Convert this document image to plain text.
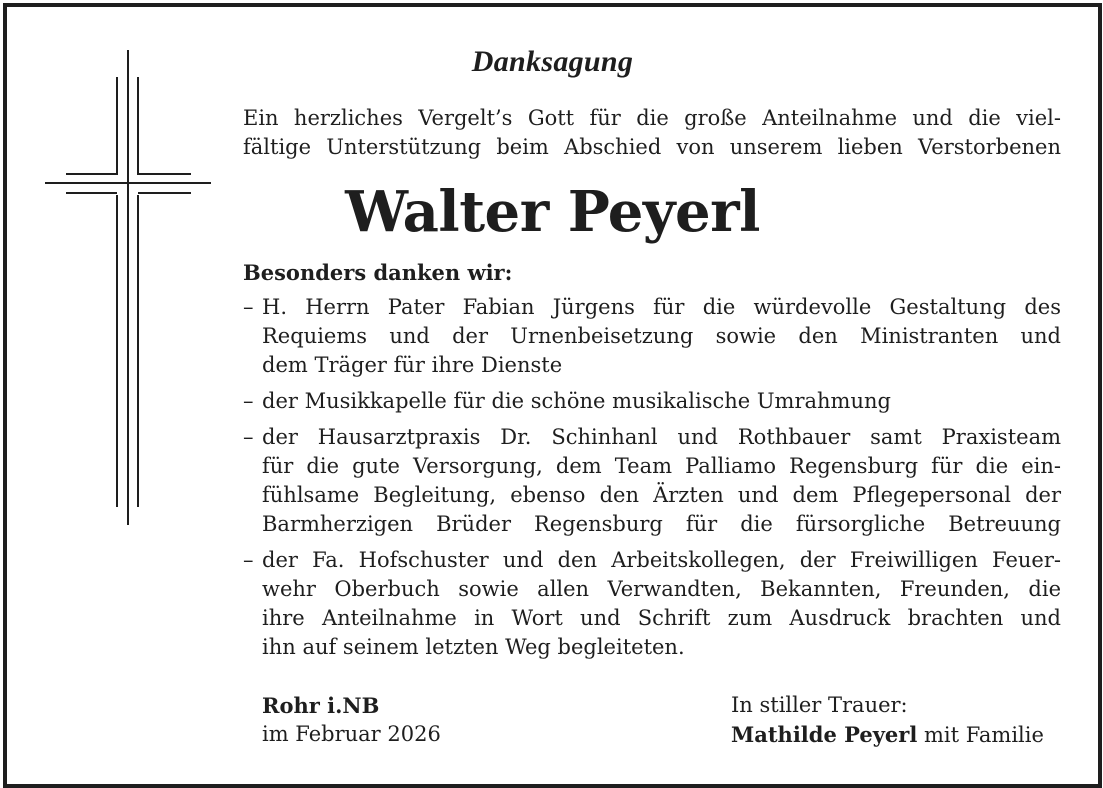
Danksagung
Ein herzliches Vergelt’s Gott für die große Anteilnahme und die viel-
fältige Unterstützung beim Abschied von unserem lieben Verstorbenen
Walter Peyerl
Besonders danken wir:
– H. Herrn Pater Fabian Jürgens für die würdevolle Gestaltung des
Requiems und der Urnenbeisetzung sowie den Ministranten und
dem Träger für ihre Dienste
– der Musikkapelle für die schöne musikalische Umrahmung
– der Hausarztpraxis Dr. Schinhanl und Rothbauer samt Praxisteam
für die gute Versorgung, dem Team Palliamo Regensburg für die ein-
fühlsame Begleitung, ebenso den Ärzten und dem Pflegepersonal der
Barmherzigen Brüder Regensburg für die fürsorgliche Betreuung
– der Fa. Hofschuster und den Arbeitskollegen, der Freiwilligen Feuer-
wehr Oberbuch sowie allen Verwandten, Bekannten, Freunden, die
ihre Anteilnahme in Wort und Schrift zum Ausdruck brachten und
ihn auf seinem letzten Weg begleiteten.
Rohr i.NB
im Februar 2026
In stiller Trauer:
Mathilde Peyerl mit Familie
